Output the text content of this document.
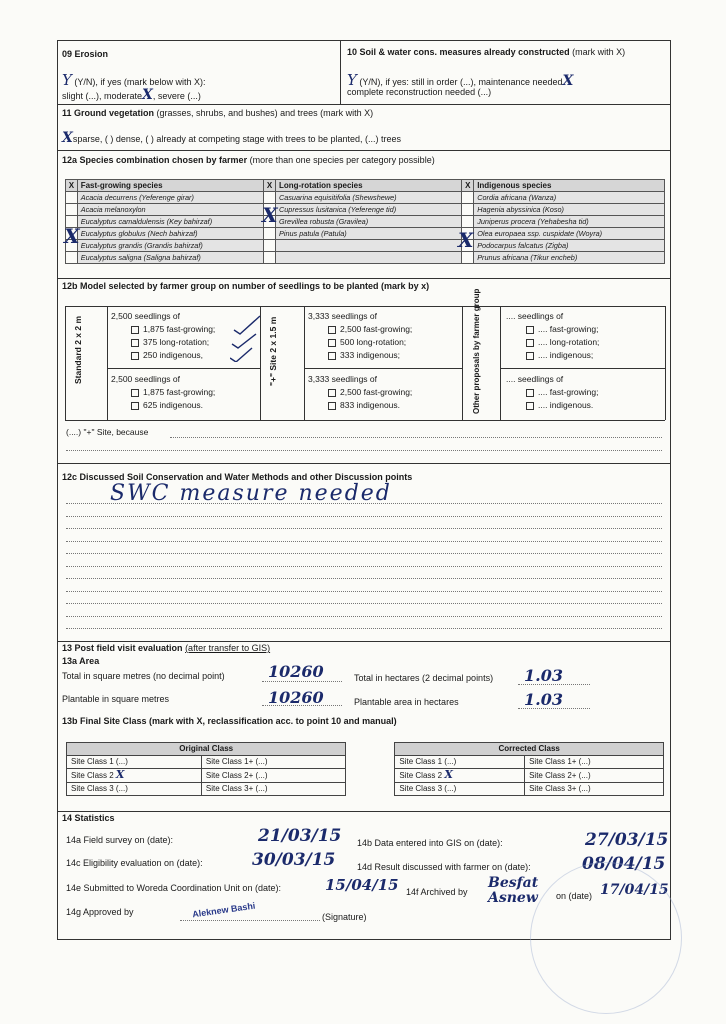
09 Erosion
Y (Y/N), if yes (mark below with X):
slight (...), moderateX, severe (...)
10 Soil & water cons. measures already constructed (mark with X)
Y (Y/N), if yes: still in order (...), maintenance neededX
complete reconstruction needed (...)
11 Ground vegetation (grasses, shrubs, and bushes) and trees (mark with X)
Xsparse, ( ) dense, ( ) already at competing stage with trees to be planted, (...) trees
12a Species combination chosen by farmer (more than one species per category possible)
X	Fast-growing species	X	Long-rotation species	X	Indigenous species
	Acacia decurrens (Yeferenge girar)		Casuarina equisitifolia (Shewshewe)		Cordia africana (Wanza)
	Acacia melanoxylon		Cupressus lusitanica (Yeferenge tid)		Hagenia abyssinica (Koso)
	Eucalyptus camaldulensis (Key bahirzaf)		Grevillea robusta (Gravilea)		Juniperus procera (Yehabesha tid)
	Eucalyptus globulus (Nech bahirzaf)		Pinus patula (Patula)		Olea europaea ssp. cuspidate (Woyra)
	Eucalyptus grandis (Grandis bahirzaf)				Podocarpus falcatus (Zigba)
	Eucalyptus saligna (Saligna bahirzaf)				Prunus africana (Tikur encheb)
X
X
X
12b Model selected by farmer group on number of seedlings to be planted (mark by x)
Standard 2 x 2 m	"+" Site 2 x 1.5 m	Other proposals by farmer group
2,500 seedlings of
1,875 fast-growing;
375 long-rotation;
250 indigenous,
2,500 seedlings of
1,875 fast-growing;
625 indigenous.
3,333 seedlings of
2,500 fast-growing;
500 long-rotation;
333 indigenous;
3,333 seedlings of
2,500 fast-growing;
833 indigenous.
.... seedlings of
.... fast-growing;
.... long-rotation;
.... indigenous;
.... seedlings of
.... fast-growing;
.... indigenous.
(....) "+" Site, because
12c Discussed Soil Conservation and Water Methods and other Discussion points
SWC measure needed
13 Post field visit evaluation (after transfer to GIS)
13a Area
Total in square metres (no decimal point)	10260	Total in hectares (2 decimal points) 1.03
Plantable in square metres	10260	Plantable area in hectares	1.03
13b Final Site Class (mark with X, reclassification acc. to point 10 and manual)
Original Class			Corrected Class	
Site Class 1 (...)	Site Class 1+ (...)		Site Class 1 (...)	Site Class 1+ (...)
Site Class 2 X	Site Class 2+ (...)		Site Class 2 X	Site Class 2+ (...)
Site Class 3 (...)	Site Class 3+ (...)		Site Class 3 (...)	Site Class 3+ (...)
14 Statistics
14a Field survey on (date):	21/03/15 14b Data entered into GIS on (date):	27/03/15
14c Eligibility evaluation on (date):	30/03/15 14d Result discussed with farmer on (date):	08/04/15
14e Submitted to Woreda Coordination Unit on (date):	15/04/15 14f Archived by
Besfat Asnew	on (date) 17/04/15
14g Approved by	Aleknew Bashi	(Signature)
